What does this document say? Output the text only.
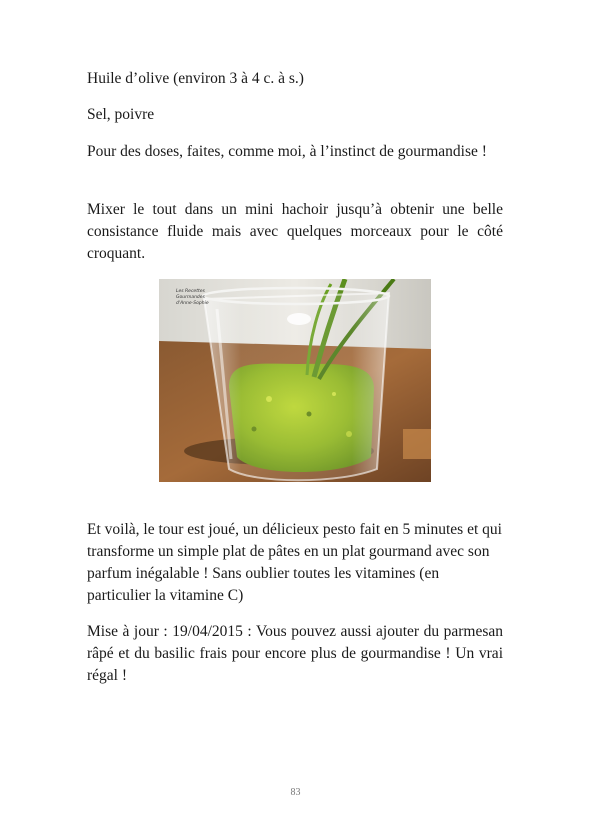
Huile d’olive (environ 3 à 4 c. à s.)

Sel, poivre

Pour des doses, faites, comme moi, à l’instinct de gourmandise !

Mixer le tout dans un mini hachoir jusqu’à obtenir une belle consistance fluide mais avec quelques morceaux pour le côté croquant.

Les Recettes
Gourmandes
d'Anne-Sophie

Et voilà, le tour est joué, un délicieux pesto fait en 5 minutes et qui transforme un simple plat de pâtes en un plat gourmand avec son parfum inégalable ! Sans oublier toutes les vitamines (en particulier la vitamine C)

Mise à jour : 19/04/2015 : Vous pouvez aussi ajouter du parmesan râpé et du basilic frais pour encore plus de gourmandise ! Un vrai régal !

83
